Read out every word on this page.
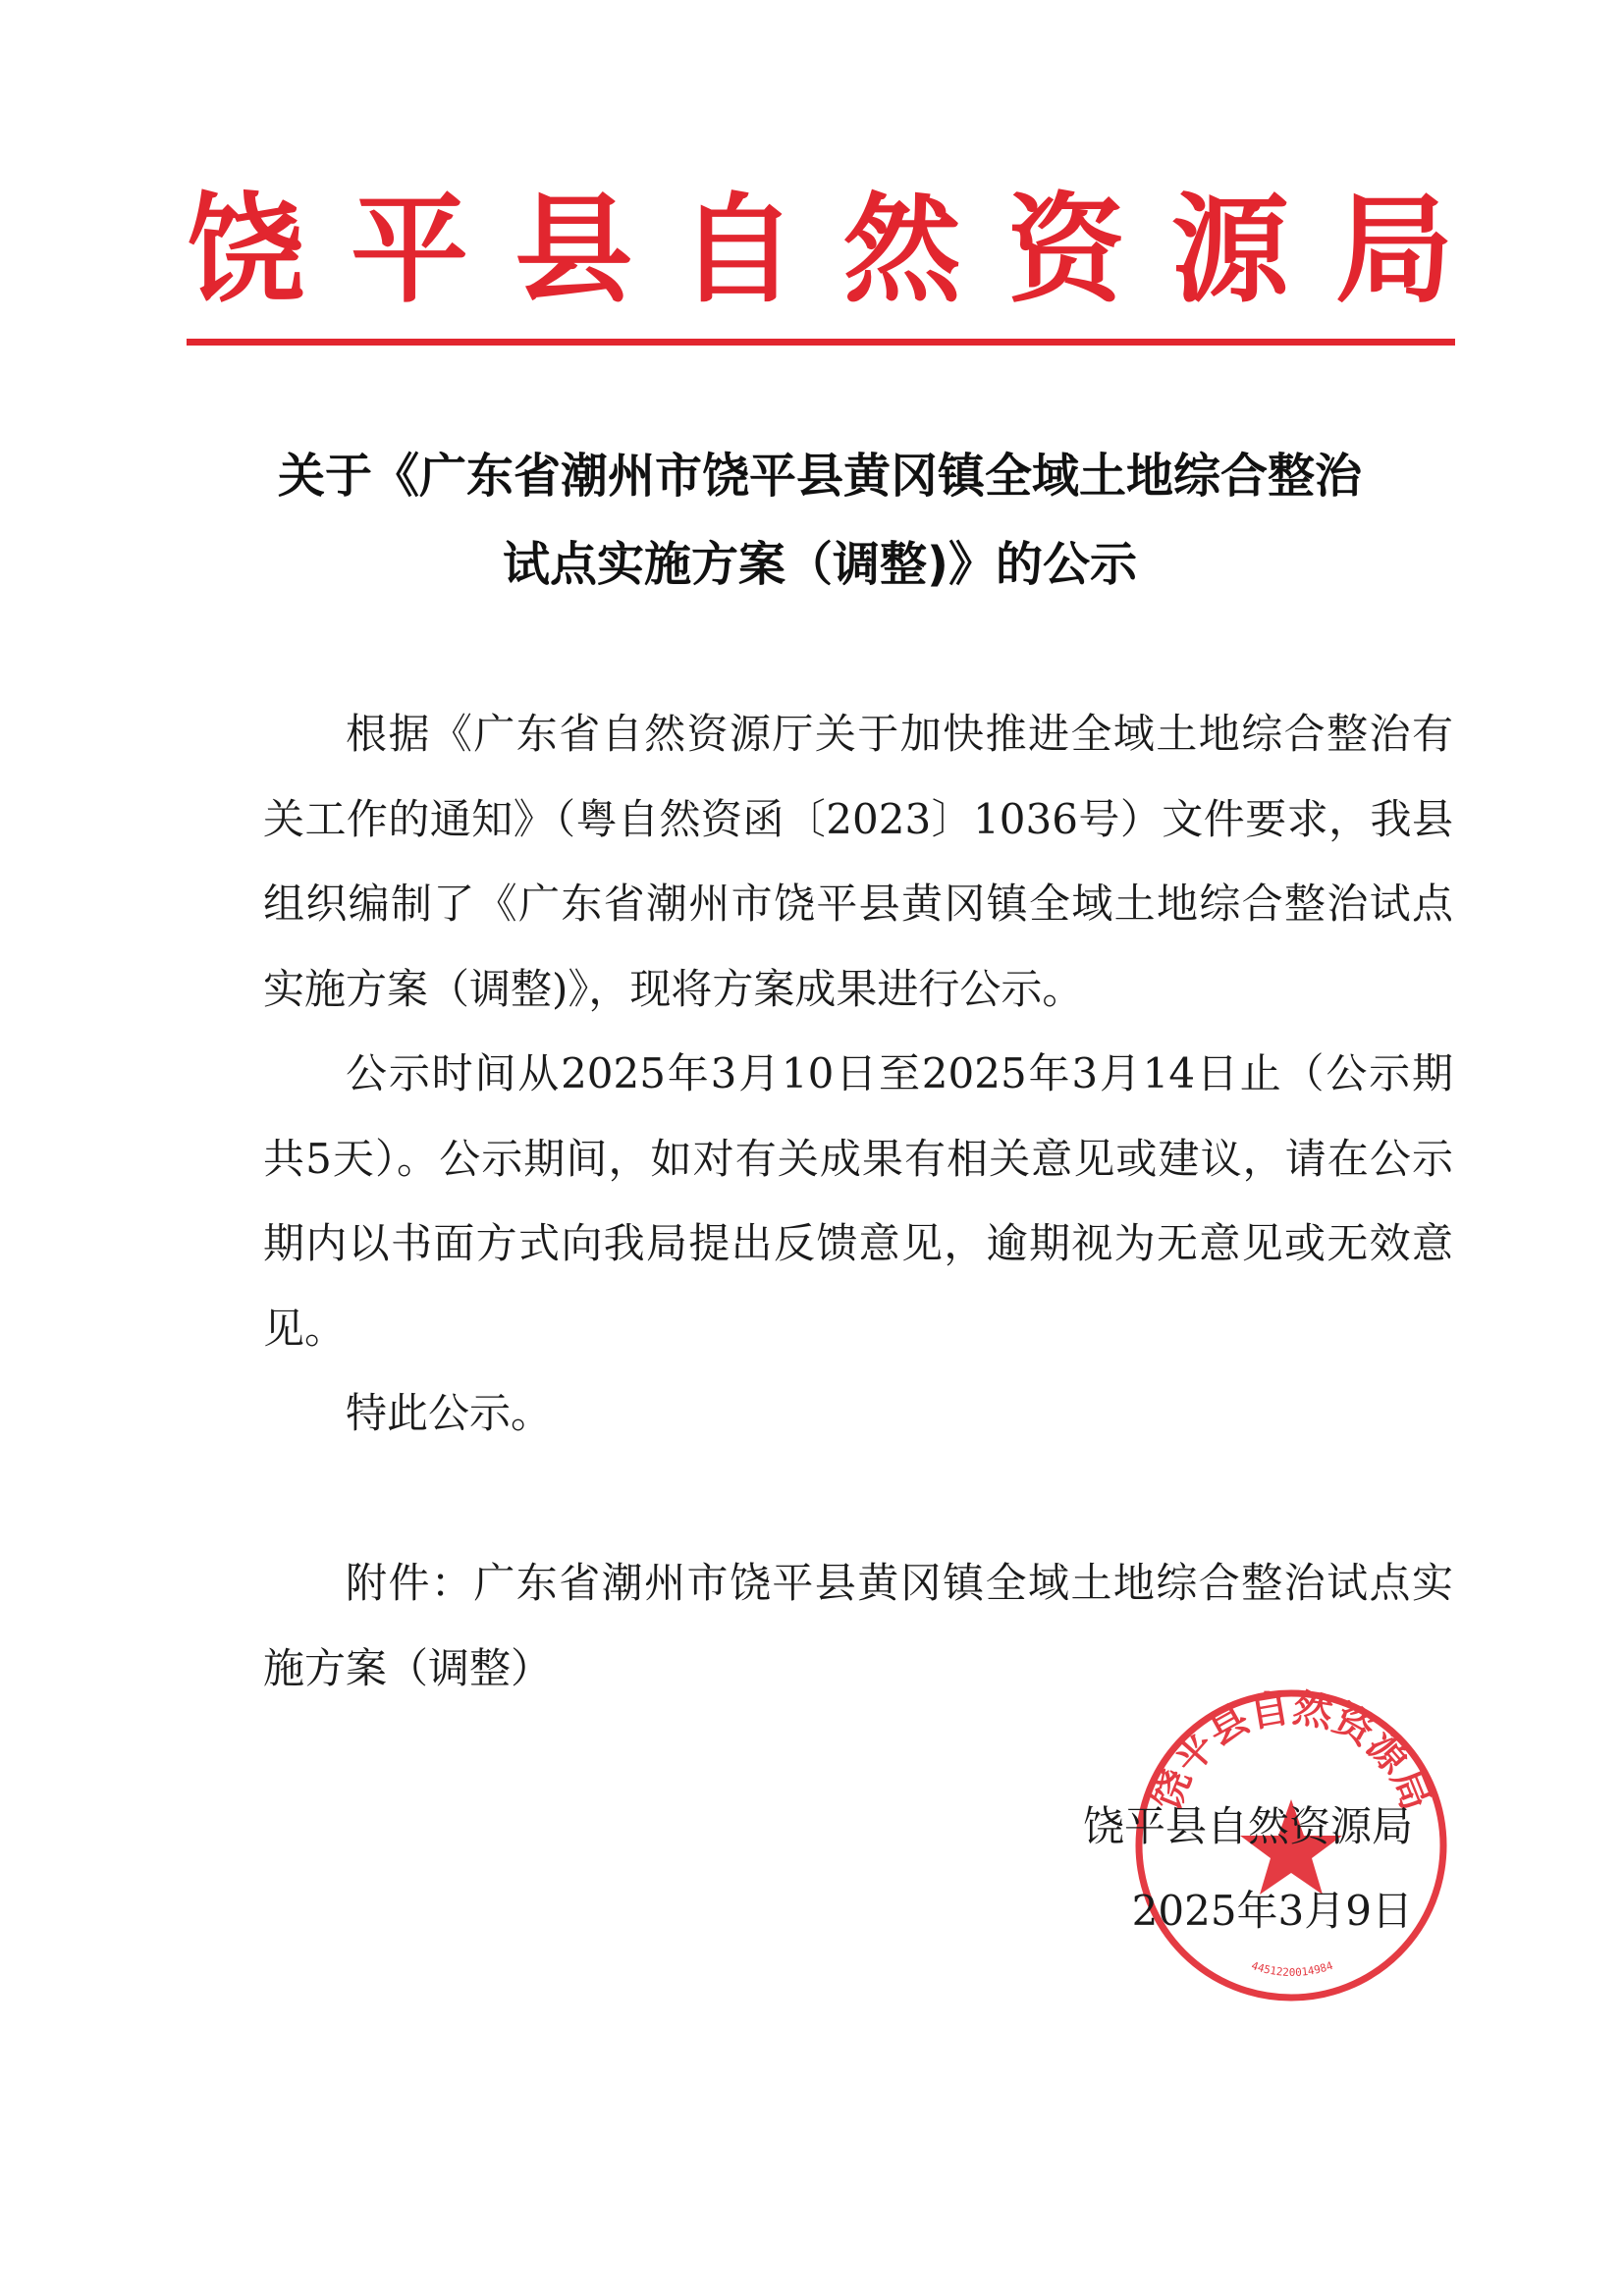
饶 平 县 自 然 资 源 局
关于《广东省潮州市饶平县黄冈镇全域土地综合整治
试点实施方案（调整)》的公示

根据《广东省自然资源厅关于加快推进全域土地综合整治有关工作的通知》（粤自然资函〔2023〕1036号）文件要求，我县组织编制了《广东省潮州市饶平县黄冈镇全域土地综合整治试点实施方案（调整)》，现将方案成果进行公示。

公示时间从2025年3月10日至2025年3月14日止（公示期共5天）。公示期间，如对有关成果有相关意见或建议，请在公示期内以书面方式向我局提出反馈意见，逾期视为无意见或无效意见。

特此公示。

附件：广东省潮州市饶平县黄冈镇全域土地综合整治试点实施方案（调整）
饶平县自然资源局
4451220014984
饶平县自然资源局
2025年3月9日
